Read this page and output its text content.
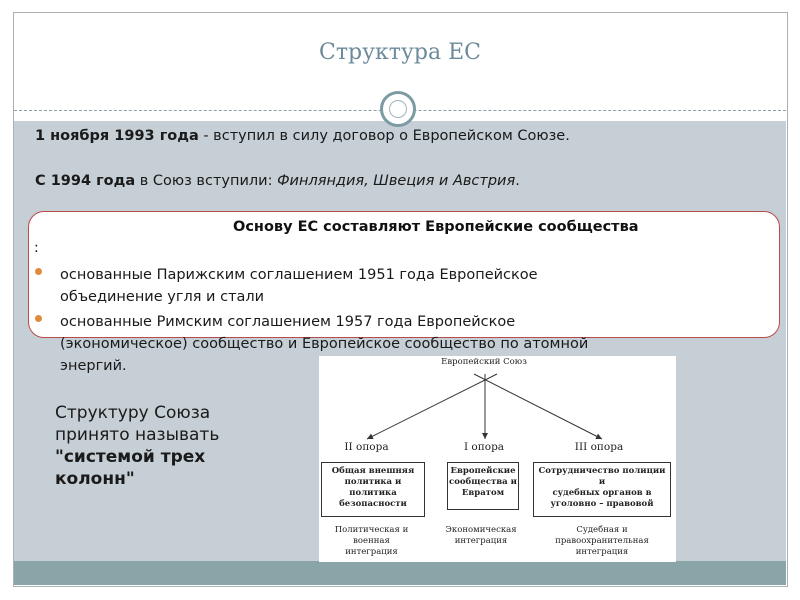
Структура ЕС
1 ноября 1993 года - вступил в силу договор о Европейском Союзе.
С 1994 года в Союз вступили: Финляндия, Швеция и Австрия.
Основу ЕС составляют Европейские сообщества
:
основанные Парижским соглашением 1951 года Европейское
объединение угля и стали
основанные Римским соглашением 1957 года Европейское
(экономическое) сообщество и Европейское сообщество по атомной
энергий.
Структуру Союза
принято называть
"системой трех
колонн"
Европейский Союз
II опора	I опора	III опора
Общая внешняя
политика и
политика
безопасности
Европейские
сообщества и
Евратом
Сотрудничество полиции
и
судебных органов в
уголовно – правовой
Политическая и
военная
интеграция
Экономическая
интеграция
Судебная и
правоохранительная
интеграция
